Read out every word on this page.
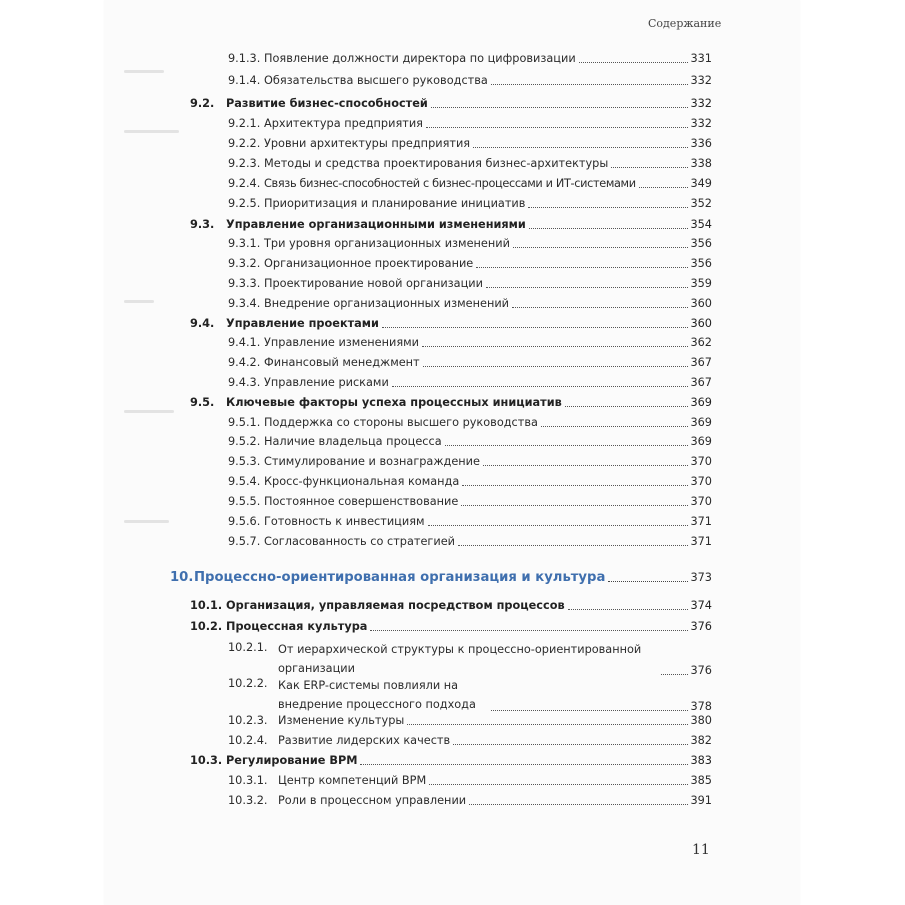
Содержание
9.1.3. Появление должности директора по цифровизации	331
9.1.4. Обязательства высшего руководства	332
9.2. Развитие бизнес-способностей	332
9.2.1. Архитектура предприятия	332
9.2.2. Уровни архитектуры предприятия	336
9.2.3. Методы и средства проектирования бизнес-архитектуры	338
9.2.4. Связь бизнес-способностей с бизнес-процессами и ИТ-системами	349
9.2.5. Приоритизация и планирование инициатив	352
9.3. Управление организационными изменениями	354
9.3.1. Три уровня организационных изменений	356
9.3.2. Организационное проектирование	356
9.3.3. Проектирование новой организации	359
9.3.4. Внедрение организационных изменений	360
9.4. Управление проектами	360
9.4.1. Управление изменениями	362
9.4.2. Финансовый менеджмент	367
9.4.3. Управление рисками	367
9.5. Ключевые факторы успеха процессных инициатив	369
9.5.1. Поддержка со стороны высшего руководства	369
9.5.2. Наличие владельца процесса	369
9.5.3. Стимулирование и вознаграждение	370
9.5.4. Кросс-функциональная команда	370
9.5.5. Постоянное совершенствование	370
9.5.6. Готовность к инвестициям	371
9.5.7. Согласованность со стратегией	371
10. Процессно-ориентированная организация и культура	373
10.1. Организация, управляемая посредством процессов	374
10.2. Процессная культура	376
10.2.1. От иерархической структуры к процессно-ориентированной организации	376
10.2.2. Как ERP-системы повлияли на внедрение процессного подхода	378
10.2.3. Изменение культуры	380
10.2.4. Развитие лидерских качеств	382
10.3. Регулирование BPM	383
10.3.1. Центр компетенций BPM	385
10.3.2. Роли в процессном управлении	391
11
